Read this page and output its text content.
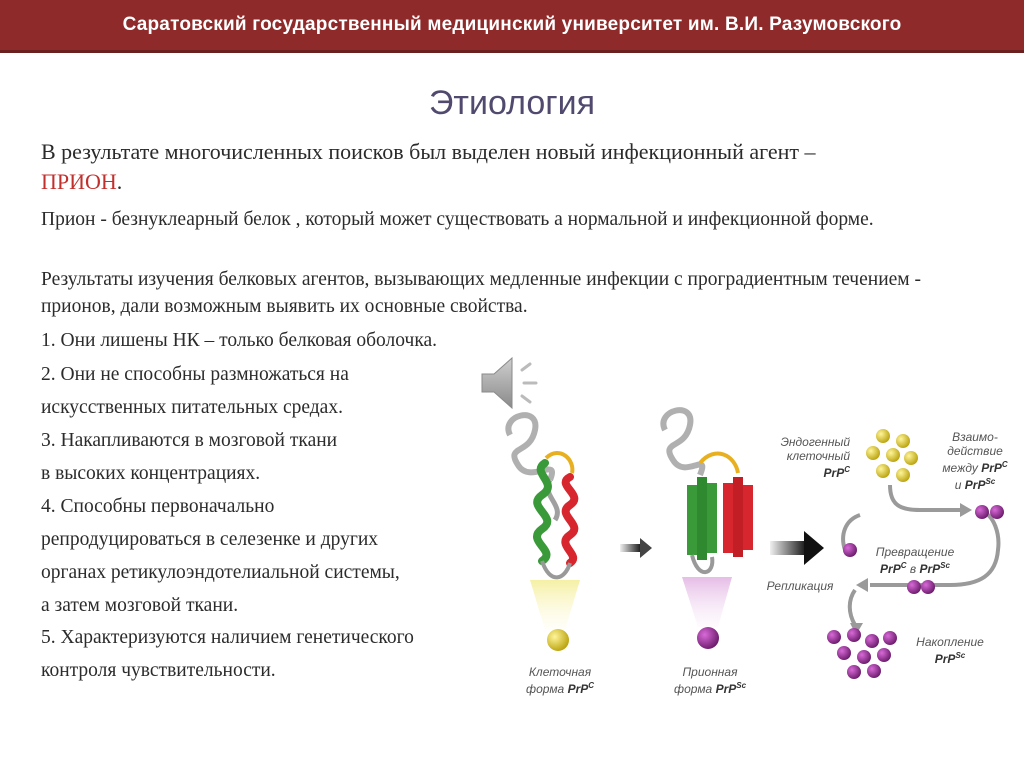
Саратовский государственный медицинский университет им. В.И. Разумовского
Этиология
В результате многочисленных поисков был выделен новый инфекционный агент –
ПРИОН.
Прион - безнуклеарный белок , который может существовать а нормальной и инфекционной форме.
Результаты изучения белковых агентов, вызывающих медленные инфекции с проградиентным течением - прионов, дали возможным выявить их основные свойства.
1. Они лишены НК – только белковая оболочка.
2. Они не способны размножаться на
искусственных питательных средах.
3. Накапливаются в мозговой ткани
в высоких концентрациях.
4. Способны первоначально
репродуцироваться в селезенке и других
органах ретикулоэндотелиальной системы,
а затем мозговой ткани.
5. Характеризуются наличием генетического
контроля чувствительности.	Клеточная
форма PrP$^C$
Прионная
форма PrP$^{Sc}$
Эндогенный
клеточный
PrP$^C$
Взаимо-
действие
между PrP$^C$
и PrP$^{Sc}$
Превращение
PrP$^C$ в PrP$^{Sc}$
Репликация
Накопление
PrP$^{Sc}$
